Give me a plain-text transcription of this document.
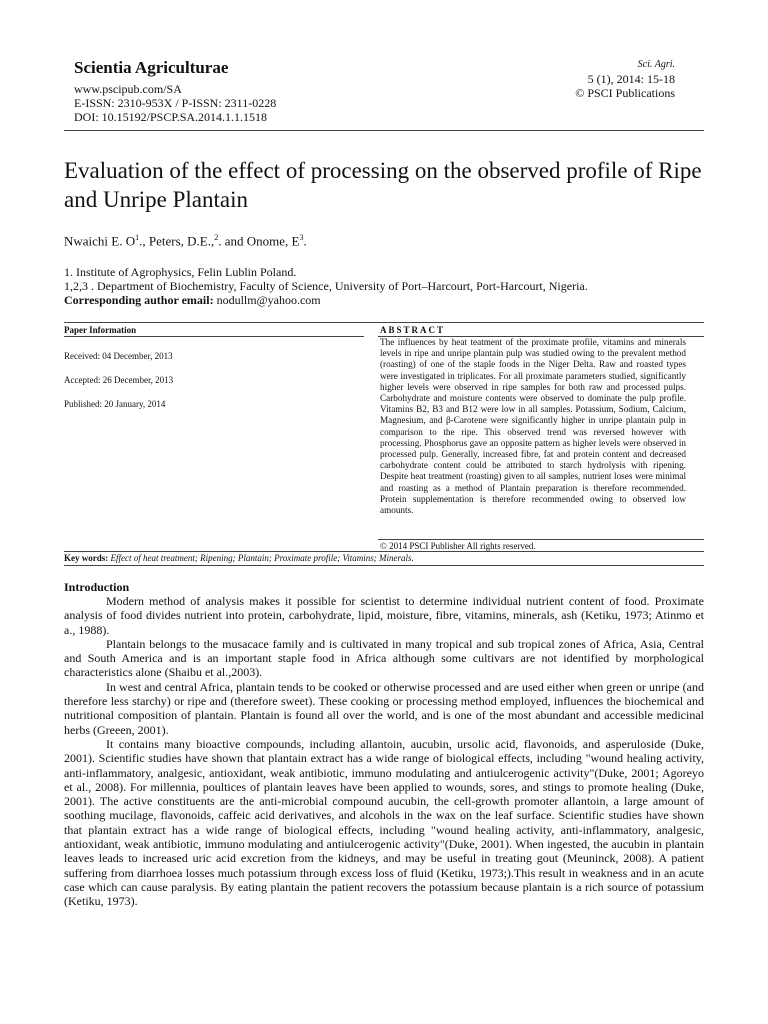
Scientia Agriculturae
www.pscipub.com/SA
E-ISSN: 2310-953X / P-ISSN: 2311-0228
DOI: 10.15192/PSCP.SA.2014.1.1.1518
Sci. Agri.
5 (1), 2014: 15-18
© PSCI Publications
Evaluation of the effect of processing on the observed profile of Ripe and Unripe Plantain
Nwaichi E. $O^1$., Peters, D.E.,$^2$. and Onome, $E^3$.
1. Institute of Agrophysics, Felin Lublin Poland.
1,2,3 . Department of Biochemistry, Faculty of Science, University of Port–Harcourt, Port-Harcourt, Nigeria.
Corresponding author email: nodullm@yahoo.com
Paper Information
Received: 04 December, 2013
Accepted: 26 December, 2013
Published: 20 January, 2014
ABSTRACT
The influences by heat teatment of the proximate profile, vitamins and minerals levels in ripe and unripe plantain pulp was studied owing to the prevalent method (roasting) of one of the staple foods in the Niger Delta. Raw and roasted types were investigated in triplicates. For all proximate parameters studied, significantly higher levels were observed in ripe samples for both raw and processed pulps. Carbohydrate and moisture contents were observed to dominate the pulp profile. Vitamins B2, B3 and B12 were low in all samples. Potassium, Sodium, Calcium, Magnesium, and β-Carotene were significantly higher in unripe plantain pulp in comparison to the ripe. This observed trend was reversed however with processing. Phosphorus gave an opposite pattern as higher levels were observed in processed pulp. Generally, increased fibre, fat and protein content and decreased carbohydrate content could be attributed to starch hydrolysis with ripening. Despite heat treatment (roasting) given to all samples, nutrient loses were minimal and roasting as a method of Plantain preparation is therefore recommended. Protein supplementation is therefore recommended owing to observed low amounts.
© 2014 PSCI Publisher All rights reserved.
Key words: Effect of heat treatment; Ripening; Plantain; Proximate profile; Vitamins; Minerals.
Introduction

Modern method of analysis makes it possible for scientist to determine individual nutrient content of food. Proximate analysis of food divides nutrient into protein, carbohydrate, lipid, moisture, fibre, vitamins, minerals, ash (Ketiku, 1973; Atinmo et a., 1988).

Plantain belongs to the musacace family and is cultivated in many tropical and sub tropical zones of Africa, Asia, Central and South America and is an important staple food in Africa although some cultivars are not identified by morphological characteristics alone (Shaibu et al.,2003).

In west and central Africa, plantain tends to be cooked or otherwise processed and are used either when green or unripe (and therefore less starchy) or ripe and (therefore sweet). These cooking or processing method employed, influences the biochemical and nutritional composition of plantain. Plantain is found all over the world, and is one of the most abundant and accessible medicinal herbs (Greeen, 2001).

It contains many bioactive compounds, including allantoin, aucubin, ursolic acid, flavonoids, and asperuloside (Duke, 2001). Scientific studies have shown that plantain extract has a wide range of biological effects, including "wound healing activity, anti-inflammatory, analgesic, antioxidant, weak antibiotic, immuno modulating and antiulcerogenic activity"(Duke, 2001; Agoreyo et al., 2008). For millennia, poultices of plantain leaves have been applied to wounds, sores, and stings to promote healing (Duke, 2001). The active constituents are the anti-microbial compound aucubin, the cell-growth promoter allantoin, a large amount of soothing mucilage, flavonoids, caffeic acid derivatives, and alcohols in the wax on the leaf surface. Scientific studies have shown that plantain extract has a wide range of biological effects, including "wound healing activity, anti-inflammatory, analgesic, antioxidant, weak antibiotic, immuno modulating and antiulcerogenic activity"(Duke, 2001). When ingested, the aucubin in plantain leaves leads to increased uric acid excretion from the kidneys, and may be useful in treating gout (Meuninck, 2008). A patient suffering from diarrhoea losses much potassium through excess loss of fluid (Ketiku, 1973;).This result in weakness and in an acute case which can cause paralysis. By eating plantain the patient recovers the potassium because plantain is a rich source of potassium (Ketiku, 1973).
